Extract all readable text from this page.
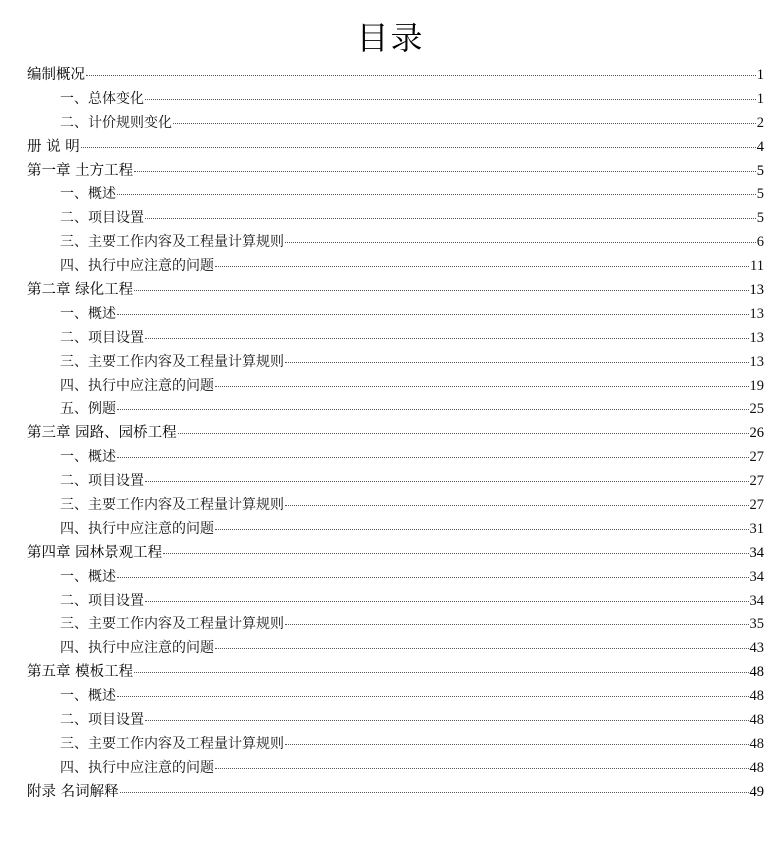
目录
编制概况	1
一、总体变化	1
二、计价规则变化	2
册 说 明	4
第一章 土方工程	5
一、概述	5
二、项目设置	5
三、主要工作内容及工程量计算规则	6
四、执行中应注意的问题	11
第二章 绿化工程	13
一、概述	13
二、项目设置	13
三、主要工作内容及工程量计算规则	13
四、执行中应注意的问题	19
五、例题	25
第三章 园路、园桥工程	26
一、概述	27
二、项目设置	27
三、主要工作内容及工程量计算规则	27
四、执行中应注意的问题	31
第四章 园林景观工程	34
一、概述	34
二、项目设置	34
三、主要工作内容及工程量计算规则	35
四、执行中应注意的问题	43
第五章 模板工程	48
一、概述	48
二、项目设置	48
三、主要工作内容及工程量计算规则	48
四、执行中应注意的问题	48
附录 名词解释	49
